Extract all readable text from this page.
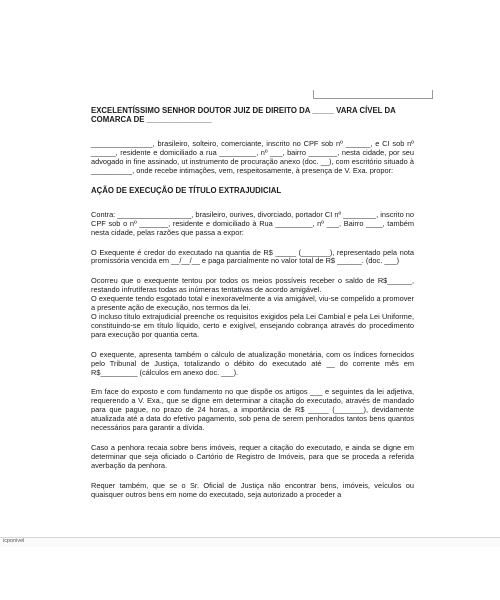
EXCELENTÍSSIMO SENHOR DOUTOR JUIZ DE DIREITO DA _____ VARA CÍVEL DA COMARCA DE _______________

_______________, brasileiro, solteiro, comerciante, inscrito no CPF sob nº ______, e CI sob nº ______, residente e domiciliado a rua _________, nº ___, bairro _______, nesta cidade, por seu advogado in fine assinado, ut instrumento de procuração anexo (doc. __), com escritório situado à __________, onde recebe intimações, vem, respeitosamente, à presença de V. Exa. propor:

AÇÃO DE EXECUÇÃO DE TÍTULO EXTRAJUDICIAL

Contra: __________________, brasileiro, ourives, divorciado, portador CI nº ________, inscrito no CPF sob o nº _______, residente e domiciliado à Rua _________, nº ___, Bairro ____, também nesta cidade, pelas razões que passa a expor:

O Exequente é credor do executado na quantia de R$ _____ (_______), representado pela nota promissória vencida em __/__/__ e paga parcialmente no valor total de R$ ______. (doc. ___)

Ocorreu que o exequente tentou por todos os meios possíveis receber o saldo de R$______, restando infrutíferas todas as inúmeras tentativas de acordo amigável.

O exequente tendo esgotado total e inexoravelmente a via amigável, viu-se compelido a promover a presente ação de execução, nos termos da lei.

O incluso título extrajudicial preenche os requisitos exigidos pela Lei Cambial e pela Lei Uniforme, constituindo-se em título líquido, certo e exigível, ensejando cobrança através do procedimento para execução por quantia certa.

O exequente, apresenta também o cálculo de atualização monetária, com os índices fornecidos pelo Tribunal de Justiça, totalizando o débito do executado até __ do corrente mês em R$_________ (cálculos em anexo doc. ___).

Em face do exposto e com fundamento no que dispõe os artigos ___ e seguintes da lei adjetiva, requerendo a V. Exa., que se digne em determinar a citação do executado, através de mandado para que pague, no prazo de 24 horas, a importância de R$ _____ (_______), devidamente atualizada até a data do efetivo pagamento, sob pena de serem penhorados tantos bens quantos necessários para garantir a dívida.

Caso a penhora recaia sobre bens imóveis, requer a citação do executado, e ainda se digne em determinar que seja oficiado o Cartório de Registro de Imóveis, para que se proceda a referida averbação da penhora.

Requer também, que se o Sr. Oficial de Justiça não encontrar bens, imóveis, veículos ou quaisquer outros bens em nome do executado, seja autorizado a proceder a

icponivel
